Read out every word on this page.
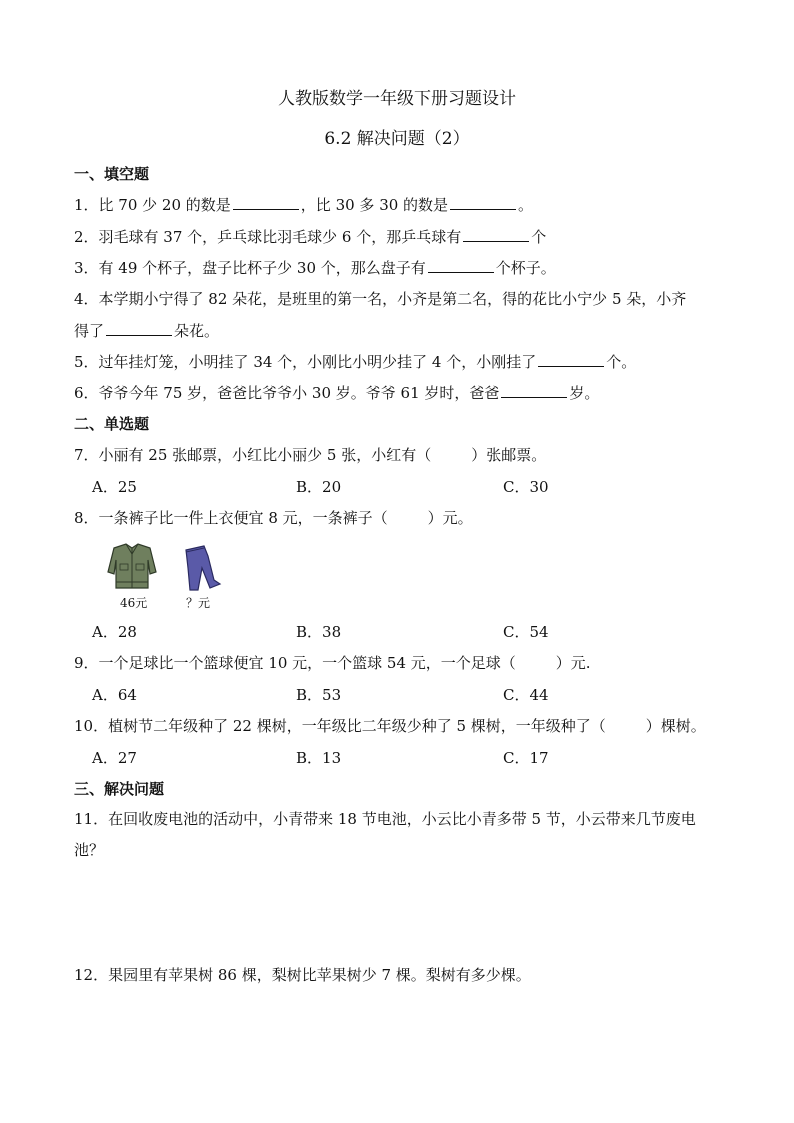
人教版数学一年级下册习题设计
6.2 解决问题（2）
一、填空题
1．比 70 少 20 的数是	，比 30 多 30 的数是	。
2．羽毛球有 37 个，乒乓球比羽毛球少 6 个，那乒乓球有	个
3．有 49 个杯子，盘子比杯子少 30 个，那么盘子有	个杯子。
4．本学期小宁得了 82 朵花，是班里的第一名，小齐是第二名，得的花比小宁少 5 朵，小齐
得了	朵花。
5．过年挂灯笼，小明挂了 34 个，小刚比小明少挂了 4 个，小刚挂了	个。
6．爷爷今年 75 岁，爸爸比爷爷小 30 岁。爷爷 61 岁时，爸爸	岁。
二、单选题
7．小丽有 25 张邮票，小红比小丽少 5 张，小红有（	）张邮票。
A．25	B．20	C．30
8．一条裤子比一件上衣便宜 8 元，一条裤子（	）元。
46元	？元
A．28	B．38	C．54
9．一个足球比一个篮球便宜 10 元，一个篮球 54 元，一个足球（	）元.
A．64	B．53	C．44
10．植树节二年级种了 22 棵树，一年级比二年级少种了 5 棵树，一年级种了（	）棵树。
A．27	B．13	C．17
三、解决问题
11．在回收废电池的活动中，小青带来 18 节电池，小云比小青多带 5 节，小云带来几节废电
池？
12．果园里有苹果树 86 棵，梨树比苹果树少 7 棵。梨树有多少棵。
